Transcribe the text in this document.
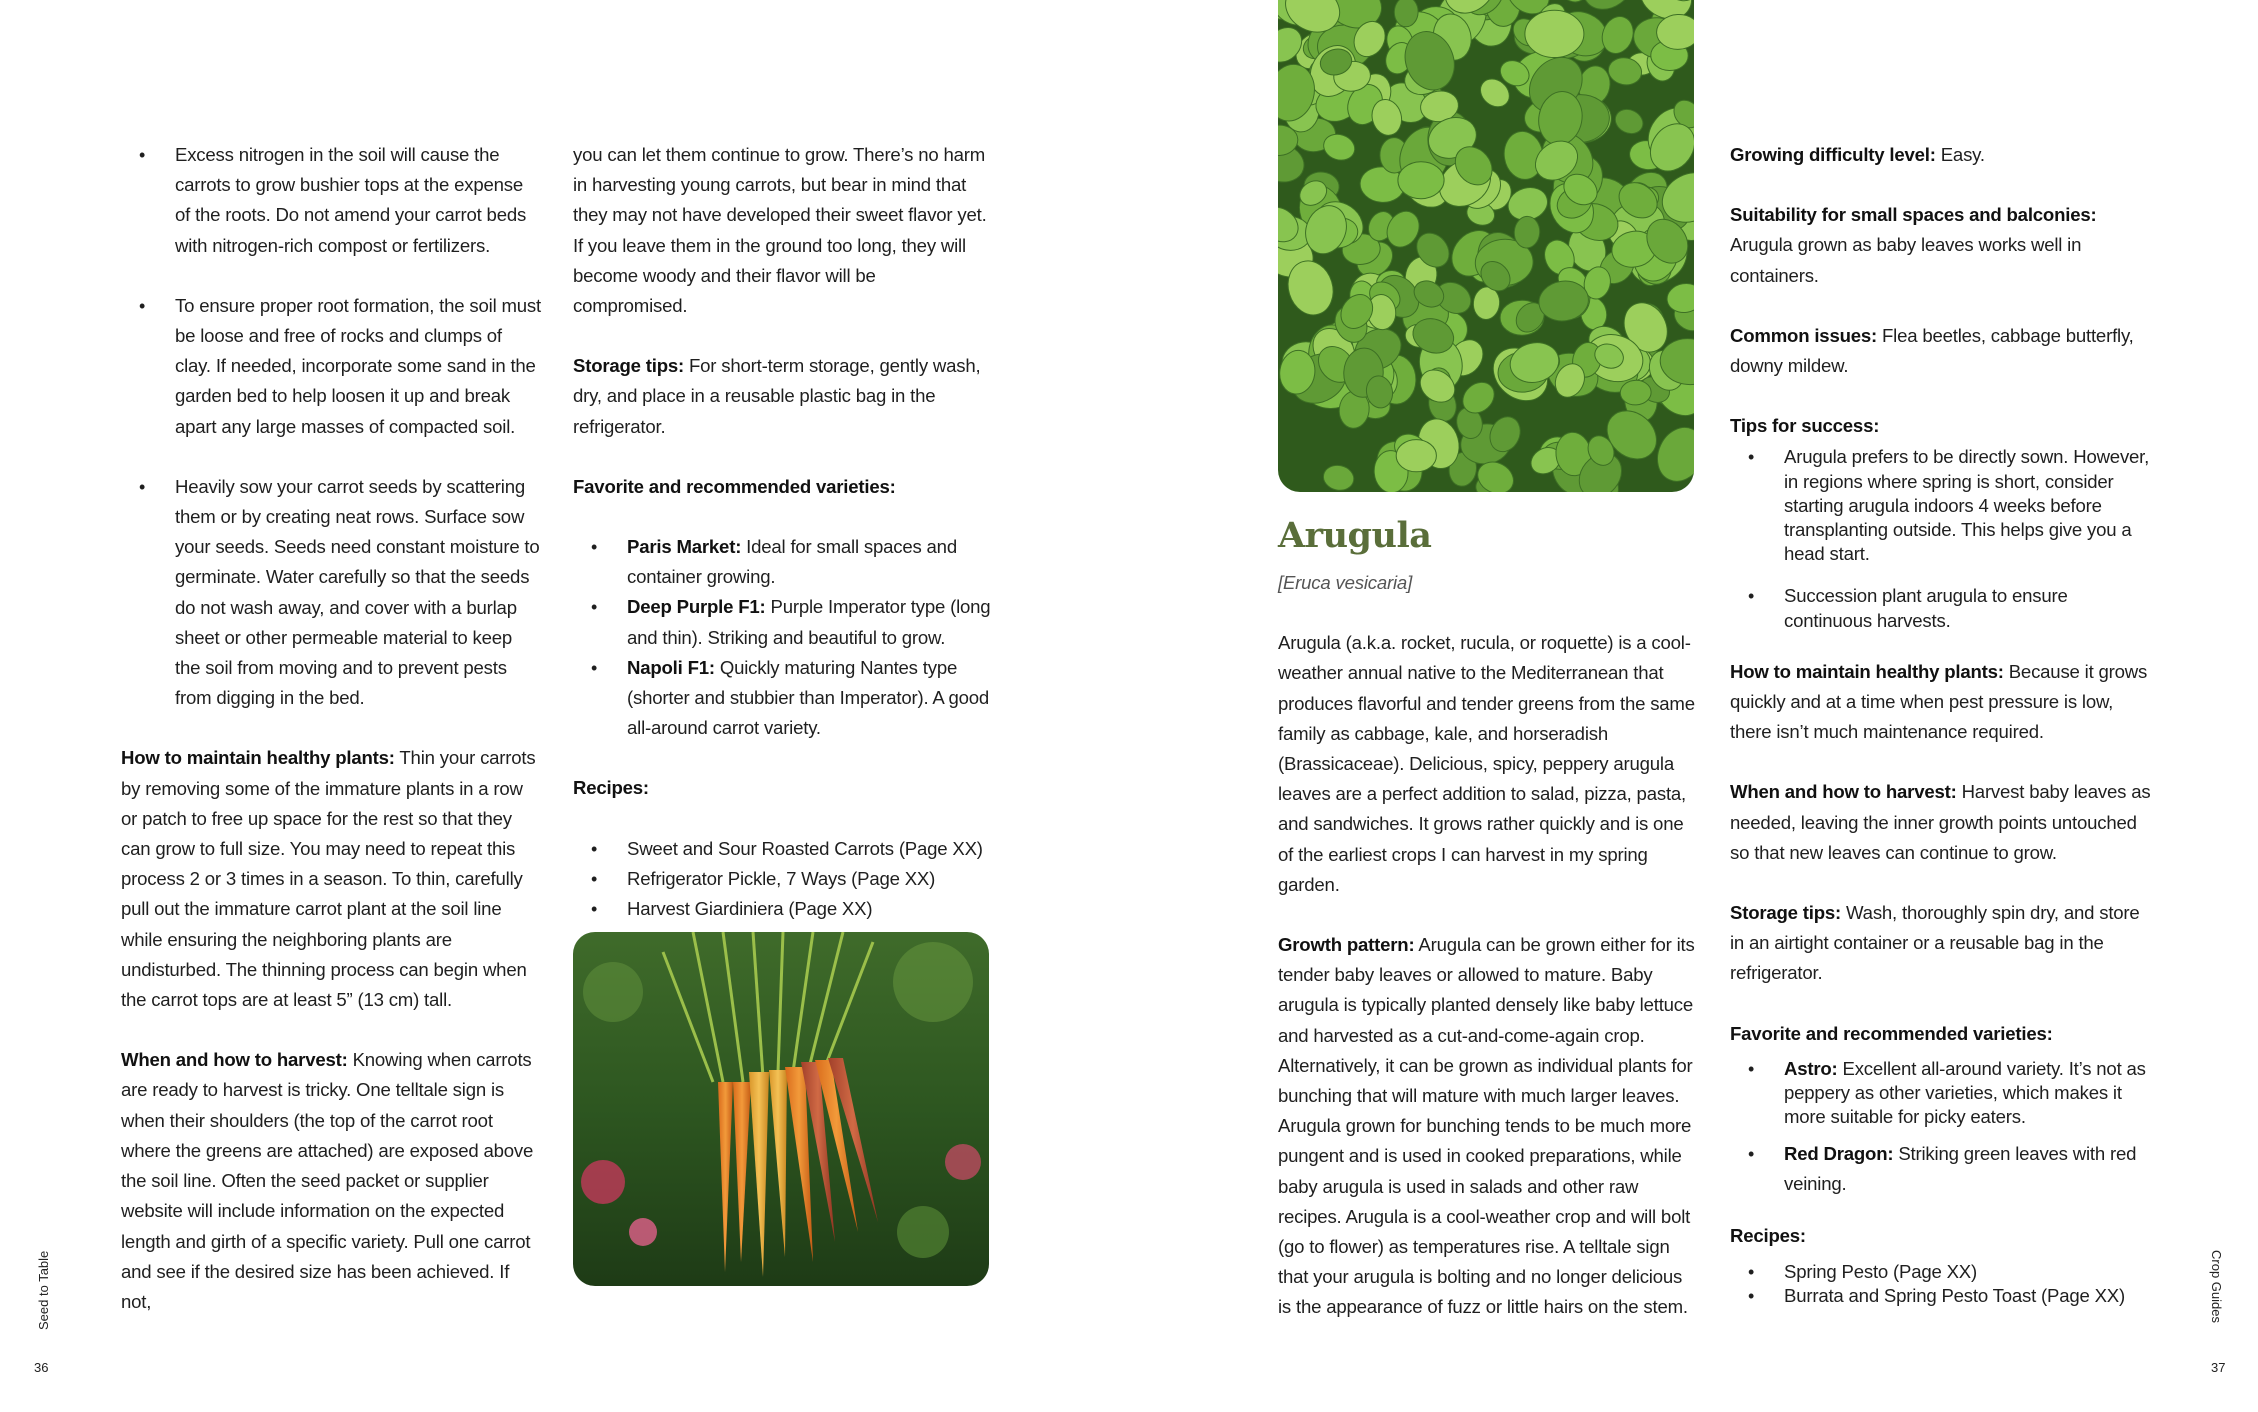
• Excess nitrogen in the soil will cause the carrots to grow bushier tops at the expense of the roots. Do not amend your carrot beds with nitrogen-rich compost or fertilizers.
• To ensure proper root formation, the soil must be loose and free of rocks and clumps of clay. If needed, incorporate some sand in the garden bed to help loosen it up and break apart any large masses of compacted soil.
• Heavily sow your carrot seeds by scattering them or by creating neat rows. Surface sow your seeds. Seeds need constant moisture to germinate. Water carefully so that the seeds do not wash away, and cover with a burlap sheet or other permeable material to keep the soil from moving and to prevent pests from digging in the bed.

How to maintain healthy plants: Thin your carrots by removing some of the immature plants in a row or patch to free up space for the rest so that they can grow to full size. You may need to repeat this process 2 or 3 times in a season. To thin, carefully pull out the immature carrot plant at the soil line while ensuring the neighboring plants are undisturbed. The thinning process can begin when the carrot tops are at least 5” (13 cm) tall.

When and how to harvest: Knowing when carrots are ready to harvest is tricky. One telltale sign is when their shoulders (the top of the carrot root where the greens are attached) are exposed above the soil line. Often the seed packet or supplier website will include information on the expected length and girth of a specific variety. Pull one carrot and see if the desired size has been achieved. If not,

you can let them continue to grow. There’s no harm in harvesting young carrots, but bear in mind that they may not have developed their sweet flavor yet. If you leave them in the ground too long, they will become woody and their flavor will be compromised.

Storage tips: For short-term storage, gently wash, dry, and place in a reusable plastic bag in the refrigerator.

Favorite and recommended varieties:

• Paris Market: Ideal for small spaces and container growing.
• Deep Purple F1: Purple Imperator type (long and thin). Striking and beautiful to grow.
• Napoli F1: Quickly maturing Nantes type (shorter and stubbier than Imperator). A good all-around carrot variety.

Recipes:

• Sweet and Sour Roasted Carrots (Page XX)
• Refrigerator Pickle, 7 Ways (Page XX)
• Harvest Giardiniera (Page XX)
Arugula

[Eruca vesicaria]

Arugula (a.k.a. rocket, rucula, or roquette) is a cool-weather annual native to the Mediterranean that produces flavorful and tender greens from the same family as cabbage, kale, and horseradish (Brassicaceae). Delicious, spicy, peppery arugula leaves are a perfect addition to salad, pizza, pasta, and sandwiches. It grows rather quickly and is one of the earliest crops I can harvest in my spring garden.

Growth pattern: Arugula can be grown either for its tender baby leaves or allowed to mature. Baby arugula is typically planted densely like baby lettuce and harvested as a cut-and-come-again crop. Alternatively, it can be grown as individual plants for bunching that will mature with much larger leaves. Arugula grown for bunching tends to be much more pungent and is used in cooked preparations, while baby arugula is used in salads and other raw recipes. Arugula is a cool-weather crop and will bolt (go to flower) as temperatures rise. A telltale sign that your arugula is bolting and no longer delicious is the appearance of fuzz or little hairs on the stem.

Growing difficulty level: Easy.

Suitability for small spaces and balconies: Arugula grown as baby leaves works well in containers.

Common issues: Flea beetles, cabbage butterfly, downy mildew.

Tips for success:

• Arugula prefers to be directly sown. However, in regions where spring is short, consider starting arugula indoors 4 weeks before transplanting outside. This helps give you a head start.
• Succession plant arugula to ensure continuous harvests.

How to maintain healthy plants: Because it grows quickly and at a time when pest pressure is low, there isn’t much maintenance required.

When and how to harvest: Harvest baby leaves as needed, leaving the inner growth points untouched so that new leaves can continue to grow.

Storage tips: Wash, thoroughly spin dry, and store in an airtight container or a reusable bag in the refrigerator.

Favorite and recommended varieties:

• Astro: Excellent all-around variety. It’s not as peppery as other varieties, which makes it more suitable for picky eaters.
• Red Dragon: Striking green leaves with red veining.

Recipes:

• Spring Pesto (Page XX)
• Burrata and Spring Pesto Toast (Page XX)
Seed to Table	Crop Guides
36	37
